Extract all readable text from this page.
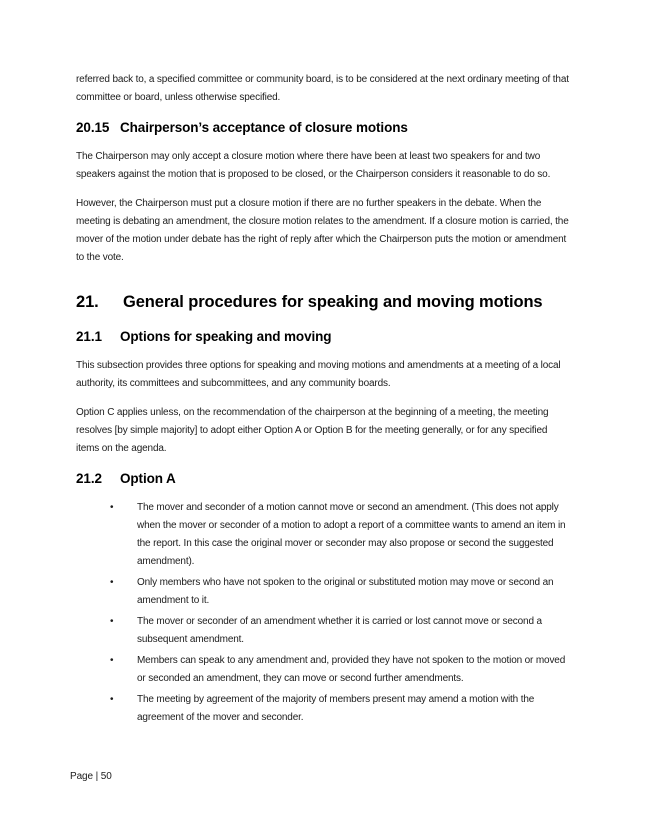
referred back to, a specified committee or community board, is to be considered at the next ordinary meeting of that committee or board, unless otherwise specified.

20.15 Chairperson’s acceptance of closure motions

The Chairperson may only accept a closure motion where there have been at least two speakers for and two speakers against the motion that is proposed to be closed, or the Chairperson considers it reasonable to do so.

However, the Chairperson must put a closure motion if there are no further speakers in the debate. When the meeting is debating an amendment, the closure motion relates to the amendment. If a closure motion is carried, the mover of the motion under debate has the right of reply after which the Chairperson puts the motion or amendment to the vote.

21.	General procedures for speaking and moving motions
21.1	Options for speaking and moving

This subsection provides three options for speaking and moving motions and amendments at a meeting of a local authority, its committees and subcommittees, and any community boards.

Option C applies unless, on the recommendation of the chairperson at the beginning of a meeting, the meeting resolves [by simple majority] to adopt either Option A or Option B for the meeting generally, or for any specified items on the agenda.

21.2	Option A
•	The mover and seconder of a motion cannot move or second an amendment. (This does not apply when the mover or seconder of a motion to adopt a report of a committee wants to amend an item in the report. In this case the original mover or seconder may also propose or second the suggested amendment).
•	Only members who have not spoken to the original or substituted motion may move or second an amendment to it.
•	The mover or seconder of an amendment whether it is carried or lost cannot move or second a subsequent amendment.
•	Members can speak to any amendment and, provided they have not spoken to the motion or moved or seconded an amendment, they can move or second further amendments.
•	The meeting by agreement of the majority of members present may amend a motion with the agreement of the mover and seconder.
Page | 50
